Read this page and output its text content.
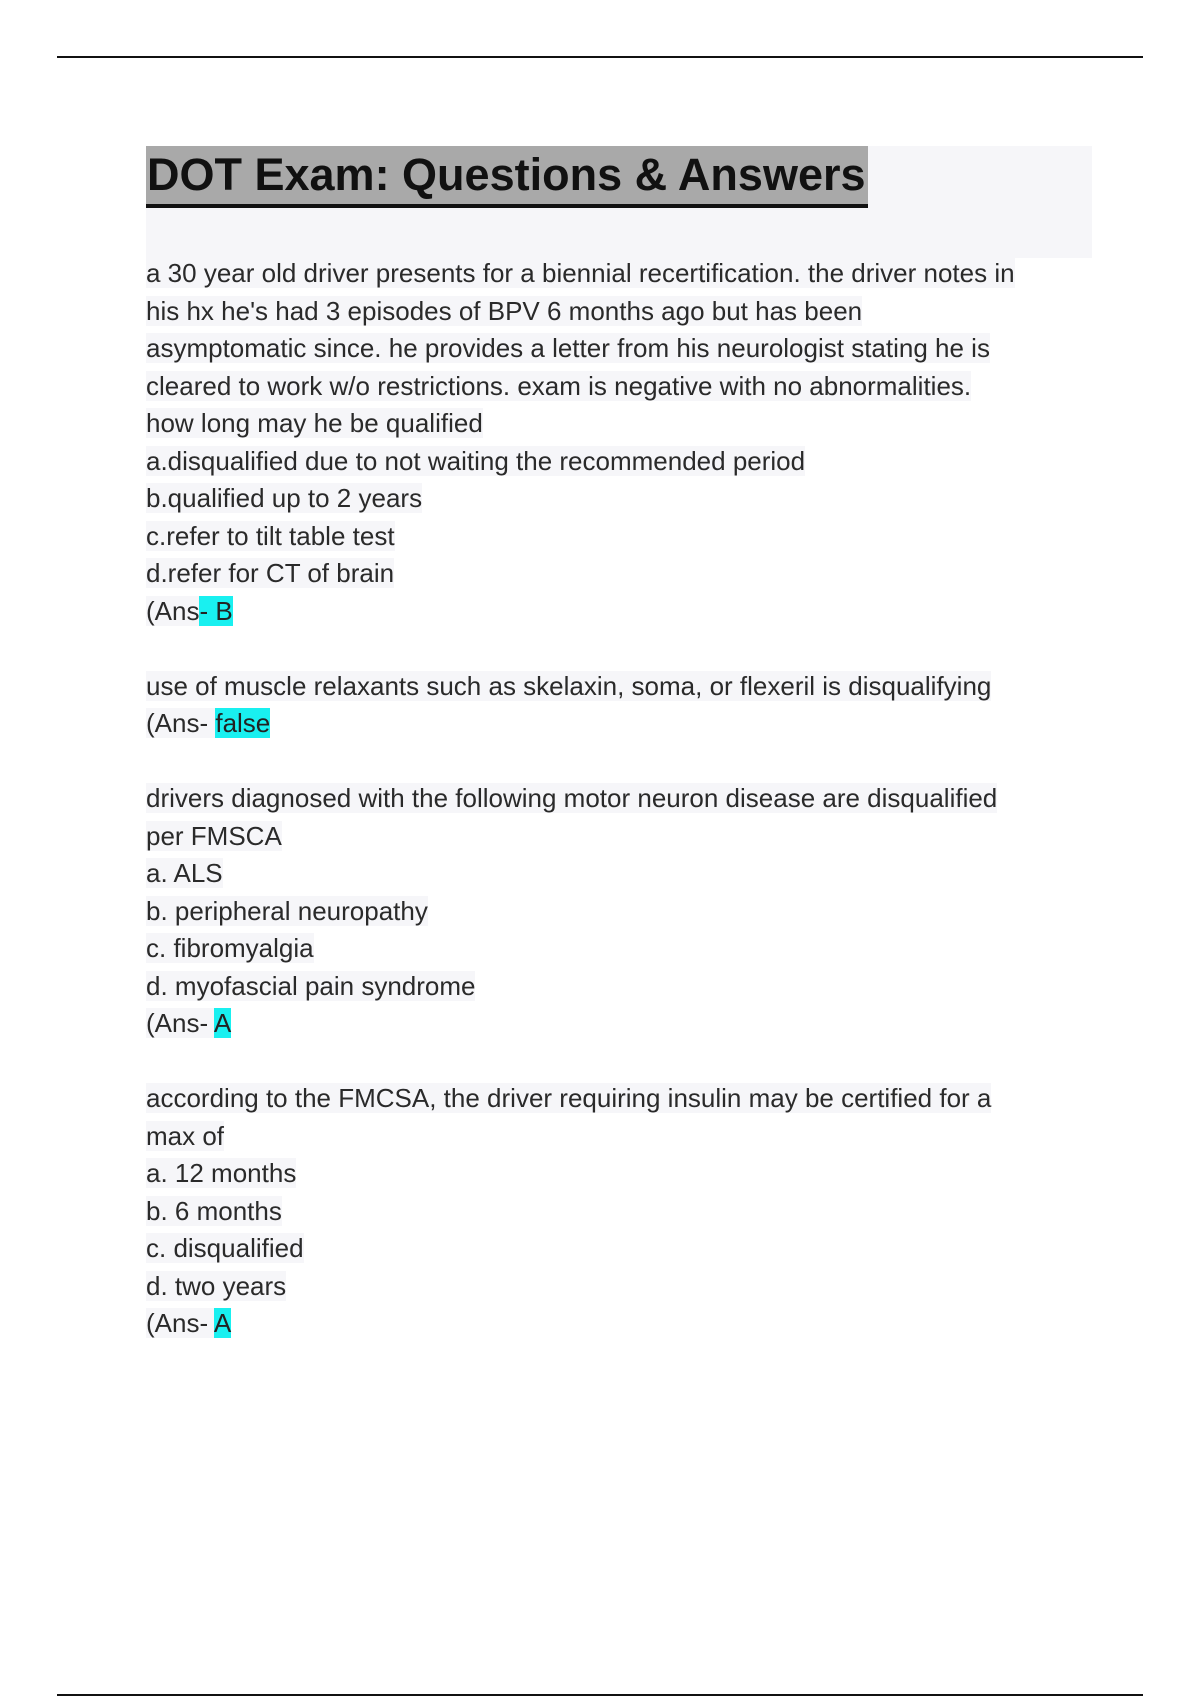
DOT Exam: Questions & Answers
a 30 year old driver presents for a biennial recertification. the driver notes in
his hx he's had 3 episodes of BPV 6 months ago but has been
asymptomatic since. he provides a letter from his neurologist stating he is
cleared to work w/o restrictions. exam is negative with no abnormalities.
how long may he be qualified
a.disqualified due to not waiting the recommended period
b.qualified up to 2 years
c.refer to tilt table test
d.refer for CT of brain
(Ans- B
use of muscle relaxants such as skelaxin, soma, or flexeril is disqualifying
(Ans- false
drivers diagnosed with the following motor neuron disease are disqualified
per FMSCA
a. ALS
b. peripheral neuropathy
c. fibromyalgia
d. myofascial pain syndrome
(Ans- A
according to the FMCSA, the driver requiring insulin may be certified for a
max of
a. 12 months
b. 6 months
c. disqualified
d. two years
(Ans- A
